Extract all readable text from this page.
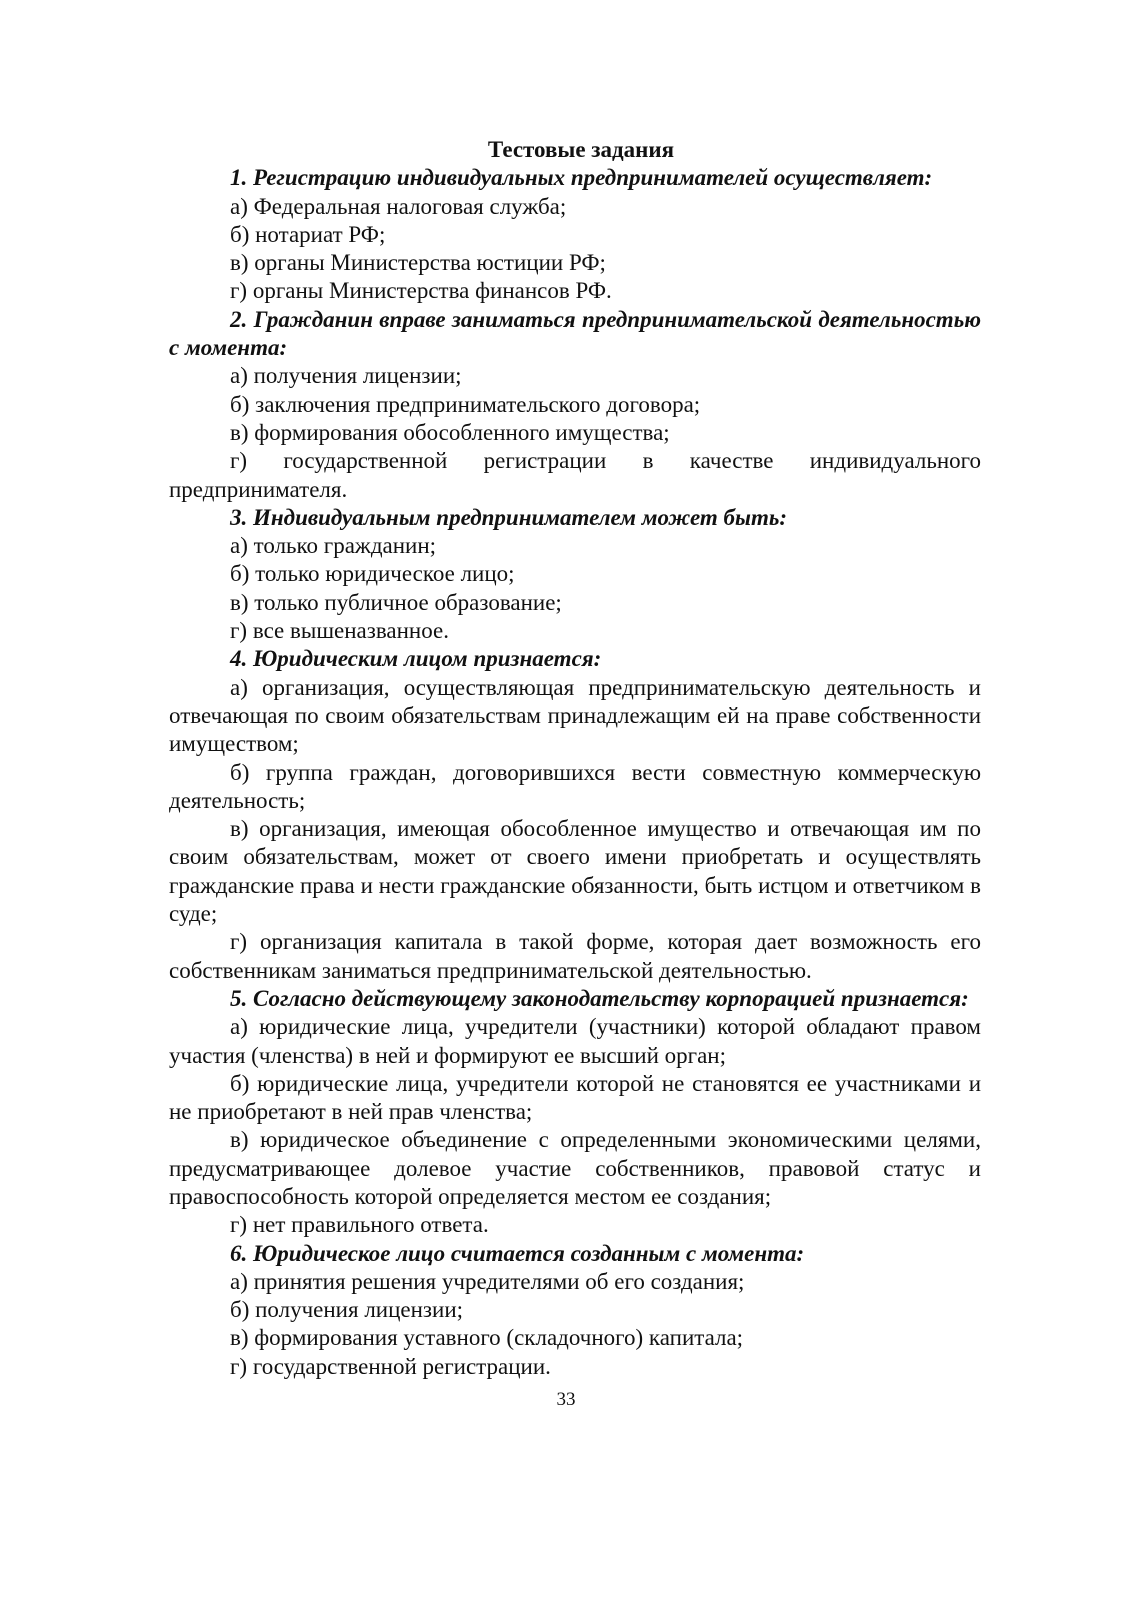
Тестовые задания

1. Регистрацию индивидуальных предпринимателей осуществляет:

а) Федеральная налоговая служба;

б) нотариат РФ;

в) органы Министерства юстиции РФ;

г) органы Министерства финансов РФ.

2. Гражданин вправе заниматься предпринимательской деятельностью с момента:

а) получения лицензии;

б) заключения предпринимательского договора;

в) формирования обособленного имущества;

г) государственной регистрации в качестве индивидуального предпринимателя.

3. Индивидуальным предпринимателем может быть:

а) только гражданин;

б) только юридическое лицо;

в) только публичное образование;

г) все вышеназванное.

4. Юридическим лицом признается:

а) организация, осуществляющая предпринимательскую деятельность и отвечающая по своим обязательствам принадлежащим ей на праве собственности имуществом;

б) группа граждан, договорившихся вести совместную коммерческую деятельность;

в) организация, имеющая обособленное имущество и отвечающая им по своим обязательствам, может от своего имени приобретать и осуществлять гражданские права и нести гражданские обязанности, быть истцом и ответчиком в суде;

г) организация капитала в такой форме, которая дает возможность его собственникам заниматься предпринимательской деятельностью.

5. Согласно действующему законодательству корпорацией признается:

а) юридические лица, учредители (участники) которой обладают правом участия (членства) в ней и формируют ее высший орган;

б) юридические лица, учредители которой не становятся ее участниками и не приобретают в ней прав членства;

в) юридическое объединение с определенными экономическими целями, предусматривающее долевое участие собственников, правовой статус и правоспособность которой определяется местом ее создания;

г) нет правильного ответа.

6. Юридическое лицо считается созданным с момента:

а) принятия решения учредителями об его создания;

б) получения лицензии;

в) формирования уставного (складочного) капитала;

г) государственной регистрации.

33
